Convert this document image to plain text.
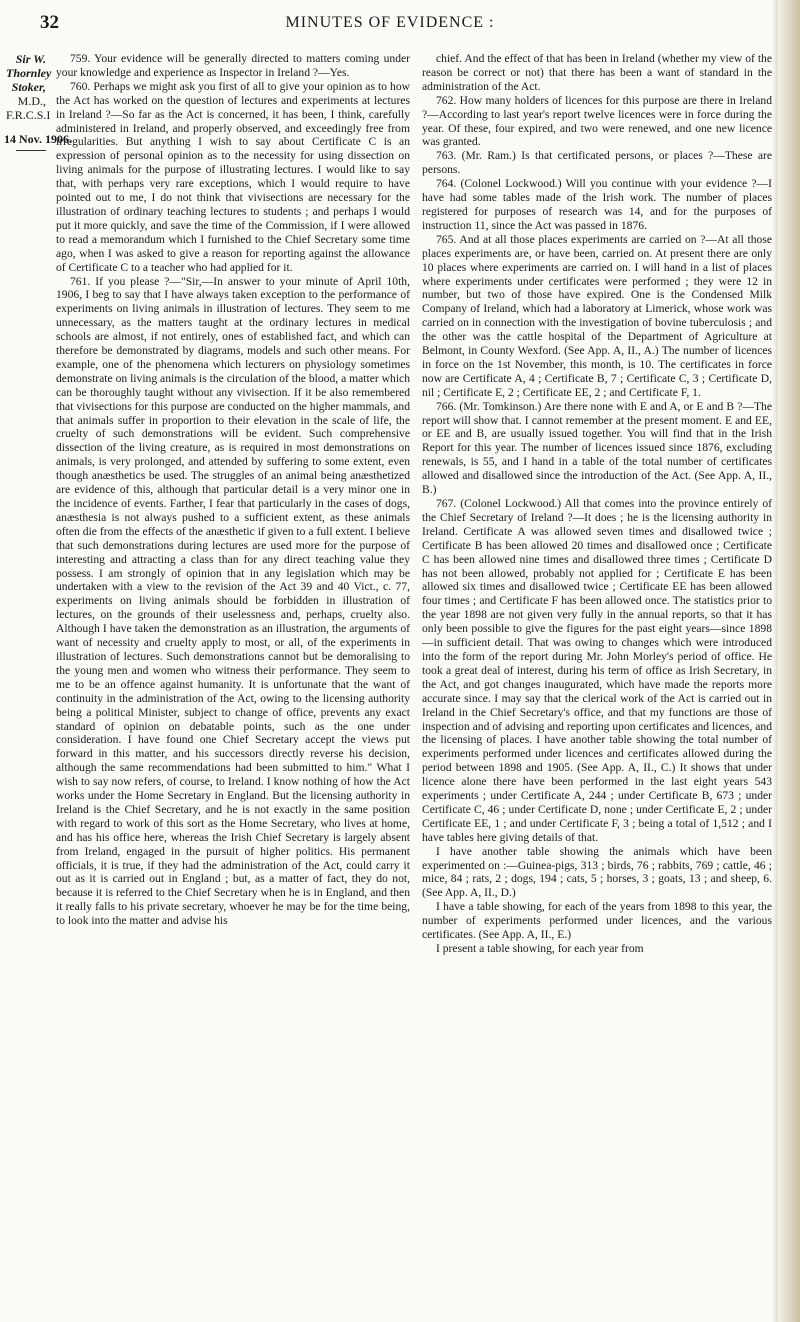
32	MINUTES OF EVIDENCE :
Sir W.
Thornley
Stoker,
M.D.,
F.R.C.S.I
14 Nov. 1906.

759. Your evidence will be generally directed to matters coming under your knowledge and experience as Inspector in Ireland ?—Yes.

760. Perhaps we might ask you first of all to give your opinion as to how the Act has worked on the question of lectures and experiments at lectures in Ireland ?—So far as the Act is concerned, it has been, I think, carefully administered in Ireland, and properly observed, and exceedingly free from irregularities. But anything I wish to say about Certificate C is an expression of personal opinion as to the necessity for using dissection on living animals for the purpose of illustrating lectures. I would like to say that, with perhaps very rare exceptions, which I would require to have pointed out to me, I do not think that vivisections are necessary for the illustration of ordinary teaching lectures to students ; and perhaps I would put it more quickly, and save the time of the Commission, if I were allowed to read a memorandum which I furnished to the Chief Secretary some time ago, when I was asked to give a reason for reporting against the allowance of Certificate C to a teacher who had applied for it.

761. If you please ?—"Sir,—In answer to your minute of April 10th, 1906, I beg to say that I have always taken exception to the performance of experiments on living animals in illustration of lectures. They seem to me unnecessary, as the matters taught at the ordinary lectures in medical schools are almost, if not entirely, ones of established fact, and which can therefore be demonstrated by diagrams, models and such other means. For example, one of the phenomena which lecturers on physiology sometimes demonstrate on living animals is the circulation of the blood, a matter which can be thoroughly taught without any vivisection. If it be also remembered that vivisections for this purpose are conducted on the higher mammals, and that animals suffer in proportion to their elevation in the scale of life, the cruelty of such demonstrations will be evident. Such comprehensive dissection of the living creature, as is required in most demonstrations on animals, is very prolonged, and attended by suffering to some extent, even though anæsthetics be used. The struggles of an animal being anæsthetized are evidence of this, although that particular detail is a very minor one in the incidence of events. Farther, I fear that particularly in the cases of dogs, anæsthesia is not always pushed to a sufficient extent, as these animals often die from the effects of the anæsthetic if given to a full extent. I believe that such demonstrations during lectures are used more for the purpose of interesting and attracting a class than for any direct teaching value they possess. I am strongly of opinion that in any legislation which may be undertaken with a view to the revision of the Act 39 and 40 Vict., c. 77, experiments on living animals should be forbidden in illustration of lectures, on the grounds of their uselessness and, perhaps, cruelty also. Although I have taken the demonstration as an illustration, the arguments of want of necessity and cruelty apply to most, or all, of the experiments in illustration of lectures. Such demonstrations cannot but be demoralising to the young men and women who witness their performance. They seem to me to be an offence against humanity. It is unfortunate that the want of continuity in the administration of the Act, owing to the licensing authority being a political Minister, subject to change of office, prevents any exact standard of opinion on debatable points, such as the one under consideration. I have found one Chief Secretary accept the views put forward in this matter, and his successors directly reverse his decision, although the same recommendations had been submitted to him." What I wish to say now refers, of course, to Ireland. I know nothing of how the Act works under the Home Secretary in England. But the licensing authority in Ireland is the Chief Secretary, and he is not exactly in the same position with regard to work of this sort as the Home Secretary, who lives at home, and has his office here, whereas the Irish Chief Secretary is largely absent from Ireland, engaged in the pursuit of higher politics. His permanent officials, it is true, if they had the administration of the Act, could carry it out as it is carried out in England ; but, as a matter of fact, they do not, because it is referred to the Chief Secretary when he is in England, and then it really falls to his private secretary, whoever he may be for the time being, to look into the matter and advise his

chief. And the effect of that has been in Ireland (whether my view of the reason be correct or not) that there has been a want of standard in the administration of the Act.

762. How many holders of licences for this purpose are there in Ireland ?—According to last year's report twelve licences were in force during the year. Of these, four expired, and two were renewed, and one new licence was granted.

763. (Mr. Ram.) Is that certificated persons, or places ?—These are persons.

764. (Colonel Lockwood.) Will you continue with your evidence ?—I have had some tables made of the Irish work. The number of places registered for purposes of research was 14, and for the purposes of instruction 11, since the Act was passed in 1876.

765. And at all those places experiments are carried on ?—At all those places experiments are, or have been, carried on. At present there are only 10 places where experiments are carried on. I will hand in a list of places where experiments under certificates were performed ; they were 12 in number, but two of those have expired. One is the Condensed Milk Company of Ireland, which had a laboratory at Limerick, whose work was carried on in connection with the investigation of bovine tuberculosis ; and the other was the cattle hospital of the Department of Agriculture at Belmont, in County Wexford. (See App. A, II., A.) The number of licences in force on the 1st November, this month, is 10. The certificates in force now are Certificate A, 4 ; Certificate B, 7 ; Certificate C, 3 ; Certificate D, nil ; Certificate E, 2 ; Certificate EE, 2 ; and Certificate F, 1.

766. (Mr. Tomkinson.) Are there none with E and A, or E and B ?—The report will show that. I cannot remember at the present moment. E and EE, or EE and B, are usually issued together. You will find that in the Irish Report for this year. The number of licences issued since 1876, excluding renewals, is 55, and I hand in a table of the total number of certificates allowed and disallowed since the introduction of the Act. (See App. A, II., B.)

767. (Colonel Lockwood.) All that comes into the province entirely of the Chief Secretary of Ireland ?—It does ; he is the licensing authority in Ireland. Certificate A was allowed seven times and disallowed twice ; Certificate B has been allowed 20 times and disallowed once ; Certificate C has been allowed nine times and disallowed three times ; Certificate D has not been allowed, probably not applied for ; Certificate E has been allowed six times and disallowed twice ; Certificate EE has been allowed four times ; and Certificate F has been allowed once. The statistics prior to the year 1898 are not given very fully in the annual reports, so that it has only been possible to give the figures for the past eight years—since 1898—in sufficient detail. That was owing to changes which were introduced into the form of the report during Mr. John Morley's period of office. He took a great deal of interest, during his term of office as Irish Secretary, in the Act, and got changes inaugurated, which have made the reports more accurate since. I may say that the clerical work of the Act is carried out in Ireland in the Chief Secretary's office, and that my functions are those of inspection and of advising and reporting upon certificates and licences, and the licensing of places. I have another table showing the total number of experiments performed under licences and certificates allowed during the period between 1898 and 1905. (See App. A, II., C.) It shows that under licence alone there have been performed in the last eight years 543 experiments ; under Certificate A, 244 ; under Certificate B, 673 ; under Certificate C, 46 ; under Certificate D, none ; under Certificate E, 2 ; under Certificate EE, 1 ; and under Certificate F, 3 ; being a total of 1,512 ; and I have tables here giving details of that.

I have another table showing the animals which have been experimented on :—Guinea-pigs, 313 ; birds, 76 ; rabbits, 769 ; cattle, 46 ; mice, 84 ; rats, 2 ; dogs, 194 ; cats, 5 ; horses, 3 ; goats, 13 ; and sheep, 6. (See App. A, II., D.)

I have a table showing, for each of the years from 1898 to this year, the number of experiments performed under licences, and the various certificates. (See App. A, II., E.)

I present a table showing, for each year from
